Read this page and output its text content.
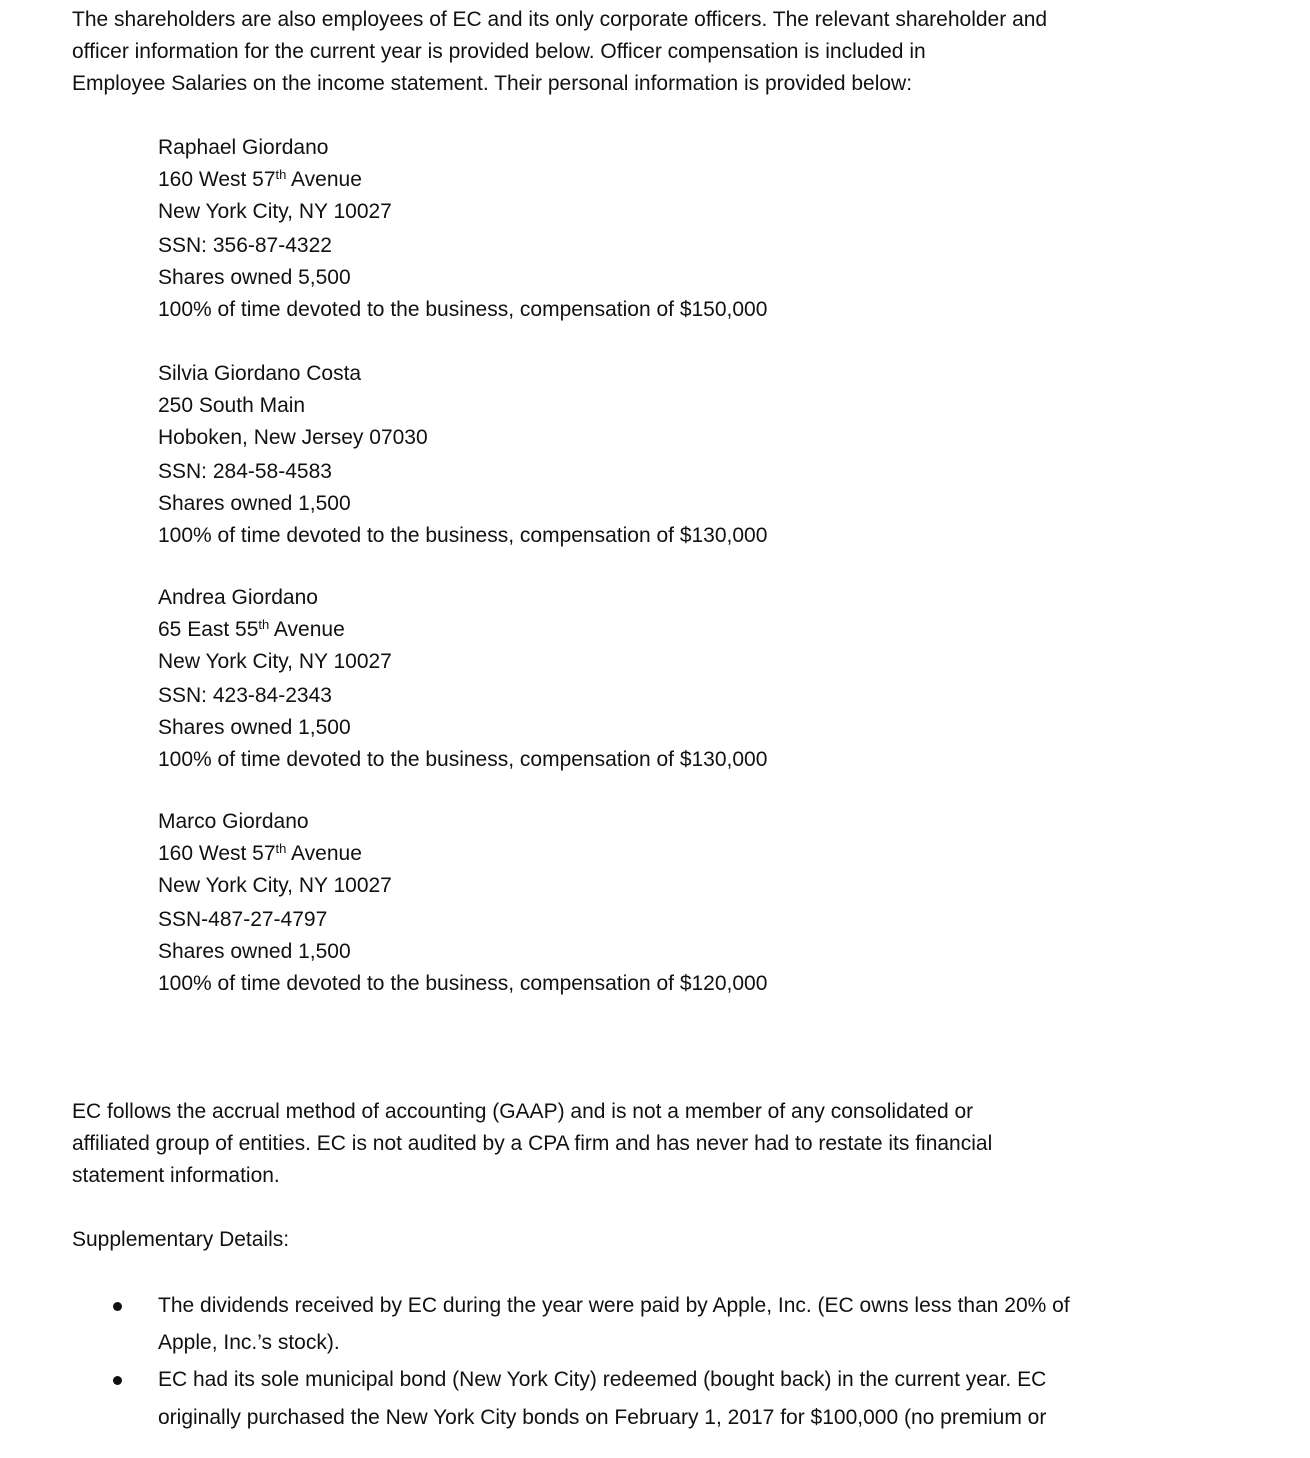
The shareholders are also employees of EC and its only corporate officers. The relevant shareholder and
officer information for the current year is provided below. Officer compensation is included in
Employee Salaries on the income statement. Their personal information is provided below:
Raphael Giordano
160 West 57th Avenue
New York City, NY 10027
SSN: 356-87-4322
Shares owned 5,500
100% of time devoted to the business, compensation of $150,000
Silvia Giordano Costa
250 South Main
Hoboken, New Jersey 07030
SSN: 284-58-4583
Shares owned 1,500
100% of time devoted to the business, compensation of $130,000
Andrea Giordano
65 East 55th Avenue
New York City, NY 10027
SSN: 423-84-2343
Shares owned 1,500
100% of time devoted to the business, compensation of $130,000
Marco Giordano
160 West 57th Avenue
New York City, NY 10027
SSN-487-27-4797
Shares owned 1,500
100% of time devoted to the business, compensation of $120,000
EC follows the accrual method of accounting (GAAP) and is not a member of any consolidated or
affiliated group of entities. EC is not audited by a CPA firm and has never had to restate its financial
statement information.
Supplementary Details:
The dividends received by EC during the year were paid by Apple, Inc. (EC owns less than 20% of
Apple, Inc.’s stock).
EC had its sole municipal bond (New York City) redeemed (bought back) in the current year. EC
originally purchased the New York City bonds on February 1, 2017 for $100,000 (no premium or
